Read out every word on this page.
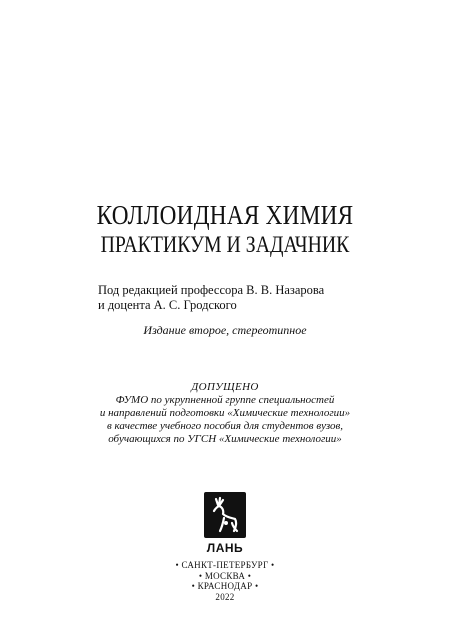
КОЛЛОИДНАЯ ХИМИЯ
ПРАКТИКУМ И ЗАДАЧНИК
Под редакцией профессора В. В. Назарова
и доцента А. С. Гродского
Издание второе, стереотипное
ДОПУЩЕНО
ФУМО по укрупненной группе специальностей
и направлений подготовки «Химические технологии»
в качестве учебного пособия для студентов вузов,
обучающихся по УГСН «Химические технологии»
ЛАНЬ
• САНКТ-ПЕТЕРБУРГ •
• МОСКВА •
• КРАСНОДАР •
2022
